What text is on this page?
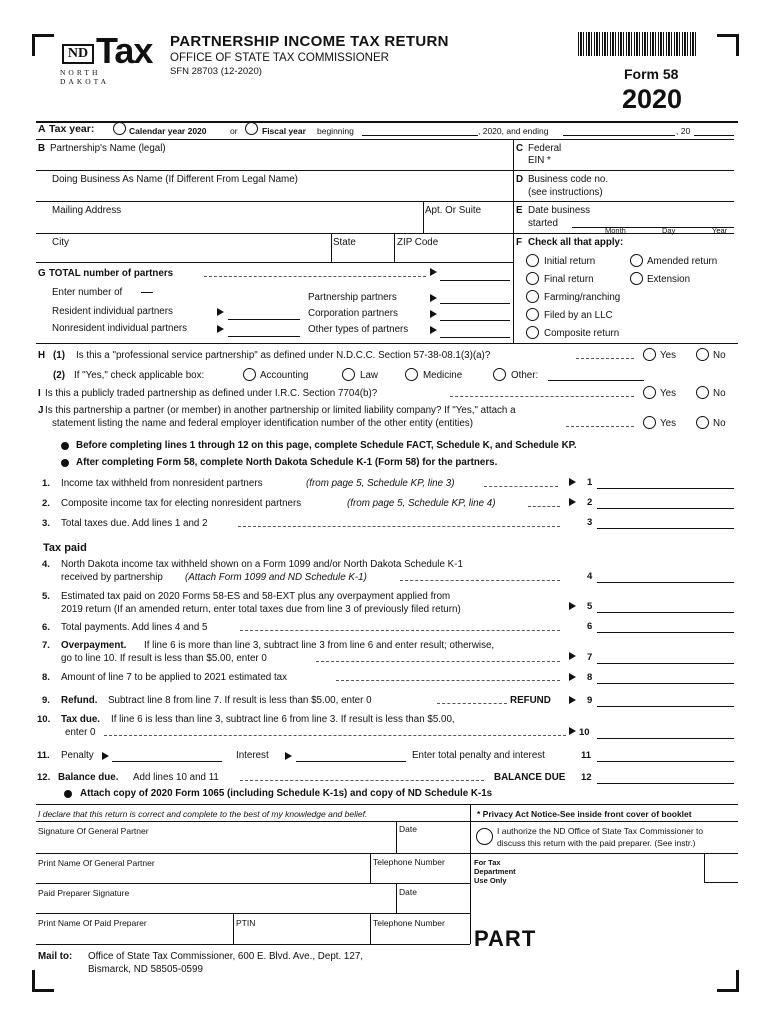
ND Tax
NORTH DAKOTA
PARTNERSHIP INCOME TAX RETURN
OFFICE OF STATE TAX COMMISSIONER
SFN 28703 (12-2020)	Form 58
2020
A Tax year:	Calendar year 2020	or	Fiscal year beginning	, 2020, and ending	, 20
B Partnership's Name (legal)
Doing Business As Name (If Different From Legal Name)
Mailing Address	Apt. Or Suite
City	State	ZIP Code
C Federal
EIN *
D Business code no.
(see instructions)
E Date business
started
Month	Day	Year
F Check all that apply:
Initial return	Amended return
Final return	Extension
Farming/ranching
Filed by an LLC
Composite return
G TOTAL number of partners
Enter number of
Resident individual partners
Nonresident individual partners
Partnership partners
Corporation partners
Other types of partners
H (1) Is this a "professional service partnership" as defined under N.D.C.C. Section 57-38-08.1(3)(a)?	Yes	No
(2) If "Yes," check applicable box:	Accounting	Law	Medicine	Other:
I Is this a publicly traded partnership as defined under I.R.C. Section 7704(b)?	Yes	No
J Is this partnership a partner (or member) in another partnership or limited liability company? If "Yes," attach a
statement listing the name and federal employer identification number of the other entity (entities)	Yes	No
Before completing lines 1 through 12 on this page, complete Schedule FACT, Schedule K, and Schedule KP.
After completing Form 58, complete North Dakota Schedule K-1 (Form 58) for the partners.
1. Income tax withheld from nonresident partners	(from page 5, Schedule KP, line 3)	1
2. Composite income tax for electing nonresident partners	(from page 5, Schedule KP, line 4)	2
3. Total taxes due. Add lines 1 and 2	3
Tax paid
4. North Dakota income tax withheld shown on a Form 1099 and/or North Dakota Schedule K-1
received by partnership (Attach Form 1099 and ND Schedule K-1)	4
5. Estimated tax paid on 2020 Forms 58-ES and 58-EXT plus any overpayment applied from
2019 return (If an amended return, enter total taxes due from line 3 of previously filed return)	5
6. Total payments. Add lines 4 and 5	6
7. Overpayment. If line 6 is more than line 3, subtract line 3 from line 6 and enter result; otherwise,
go to line 10. If result is less than $5.00, enter 0	7
8. Amount of line 7 to be applied to 2021 estimated tax	8
9. Refund. Subtract line 8 from line 7. If result is less than $5.00, enter 0	REFUND	9
10. Tax due. If line 6 is less than line 3, subtract line 6 from line 3. If result is less than $5.00,
enter 0	10
11. Penalty	Interest	Enter total penalty and interest	11
12. Balance due. Add lines 10 and 11	BALANCE DUE 12
Attach copy of 2020 Form 1065 (including Schedule K-1s) and copy of ND Schedule K-1s
I declare that this return is correct and complete to the best of my knowledge and belief.	* Privacy Act Notice-See inside front cover of booklet
Signature Of General Partner	Date	I authorize the ND Office of State Tax Commissioner to
discuss this return with the paid preparer. (See instr.)
Print Name Of General Partner	Telephone Number	For Tax
Department
Use Only
Paid Preparer Signature	Date
Print Name Of Paid Preparer	PTIN	Telephone Number
PART
Mail to: Office of State Tax Commissioner, 600 E. Blvd. Ave., Dept. 127,
Bismarck, ND 58505-0599
